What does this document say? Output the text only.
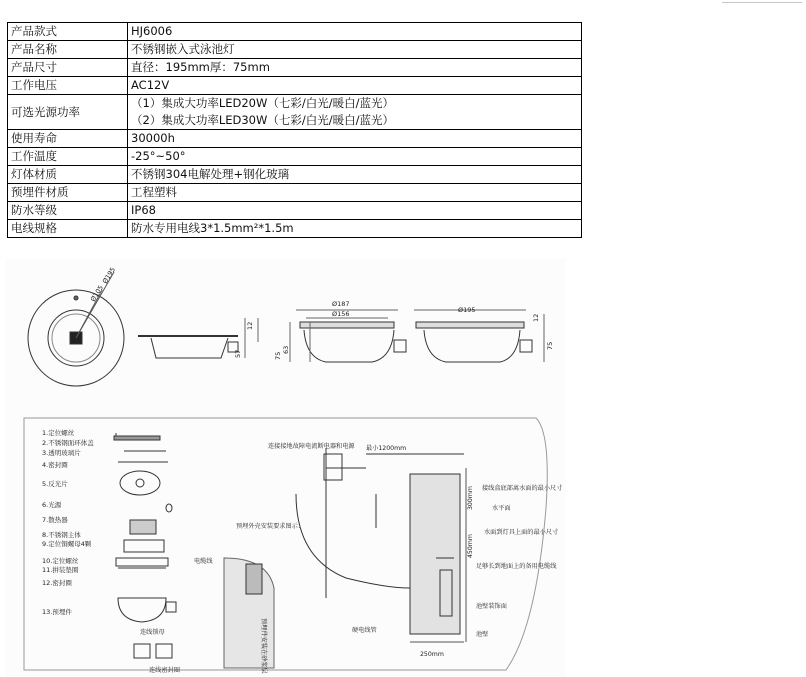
产品款式	HJ6006

产品名称	不锈钢嵌入式泳池灯

产品尺寸	直径：195mm厚：75mm

工作电压	AC12V

可选光源功率	（1）集成大功率LED20W（七彩/白光/暖白/蓝光）
（2）集成大功率LED30W（七彩/白光/暖白/蓝光）

使用寿命	30000h

工作温度	-25°~50°

灯体材质	不锈钢304电解处理+钢化玻璃

预埋件材质	工程塑料

防水等级	IP68

电线规格	防水专用电线3*1.5mm²*1.5m
Ø195
Ø105
Ø187
Ø156	Ø195
12
57	63
75
12
75
1.定位螺丝
2.不锈钢面环体盖
3.透明玻璃片
4.密封圈
5.反光片
6.光源
7.散热器
8.不锈钢主体
9.定位铜螺母4颗
10.定位螺丝
11.拼装垫圈
12.密封圈
13.预埋件
电缆线
连线锁母
连线密封圈
预埋外壳安装要求图示：
预埋件安装在砂浆层	硬电线管
连接接地故障电流断电器和电源 最小1200mm
300mm
450mm
250mm
接线盒底部离水面的最小尺寸
水平面
水面到灯具上面的最小尺寸
足够长到地面上的备用电缆线
池壁装饰面
池壁
